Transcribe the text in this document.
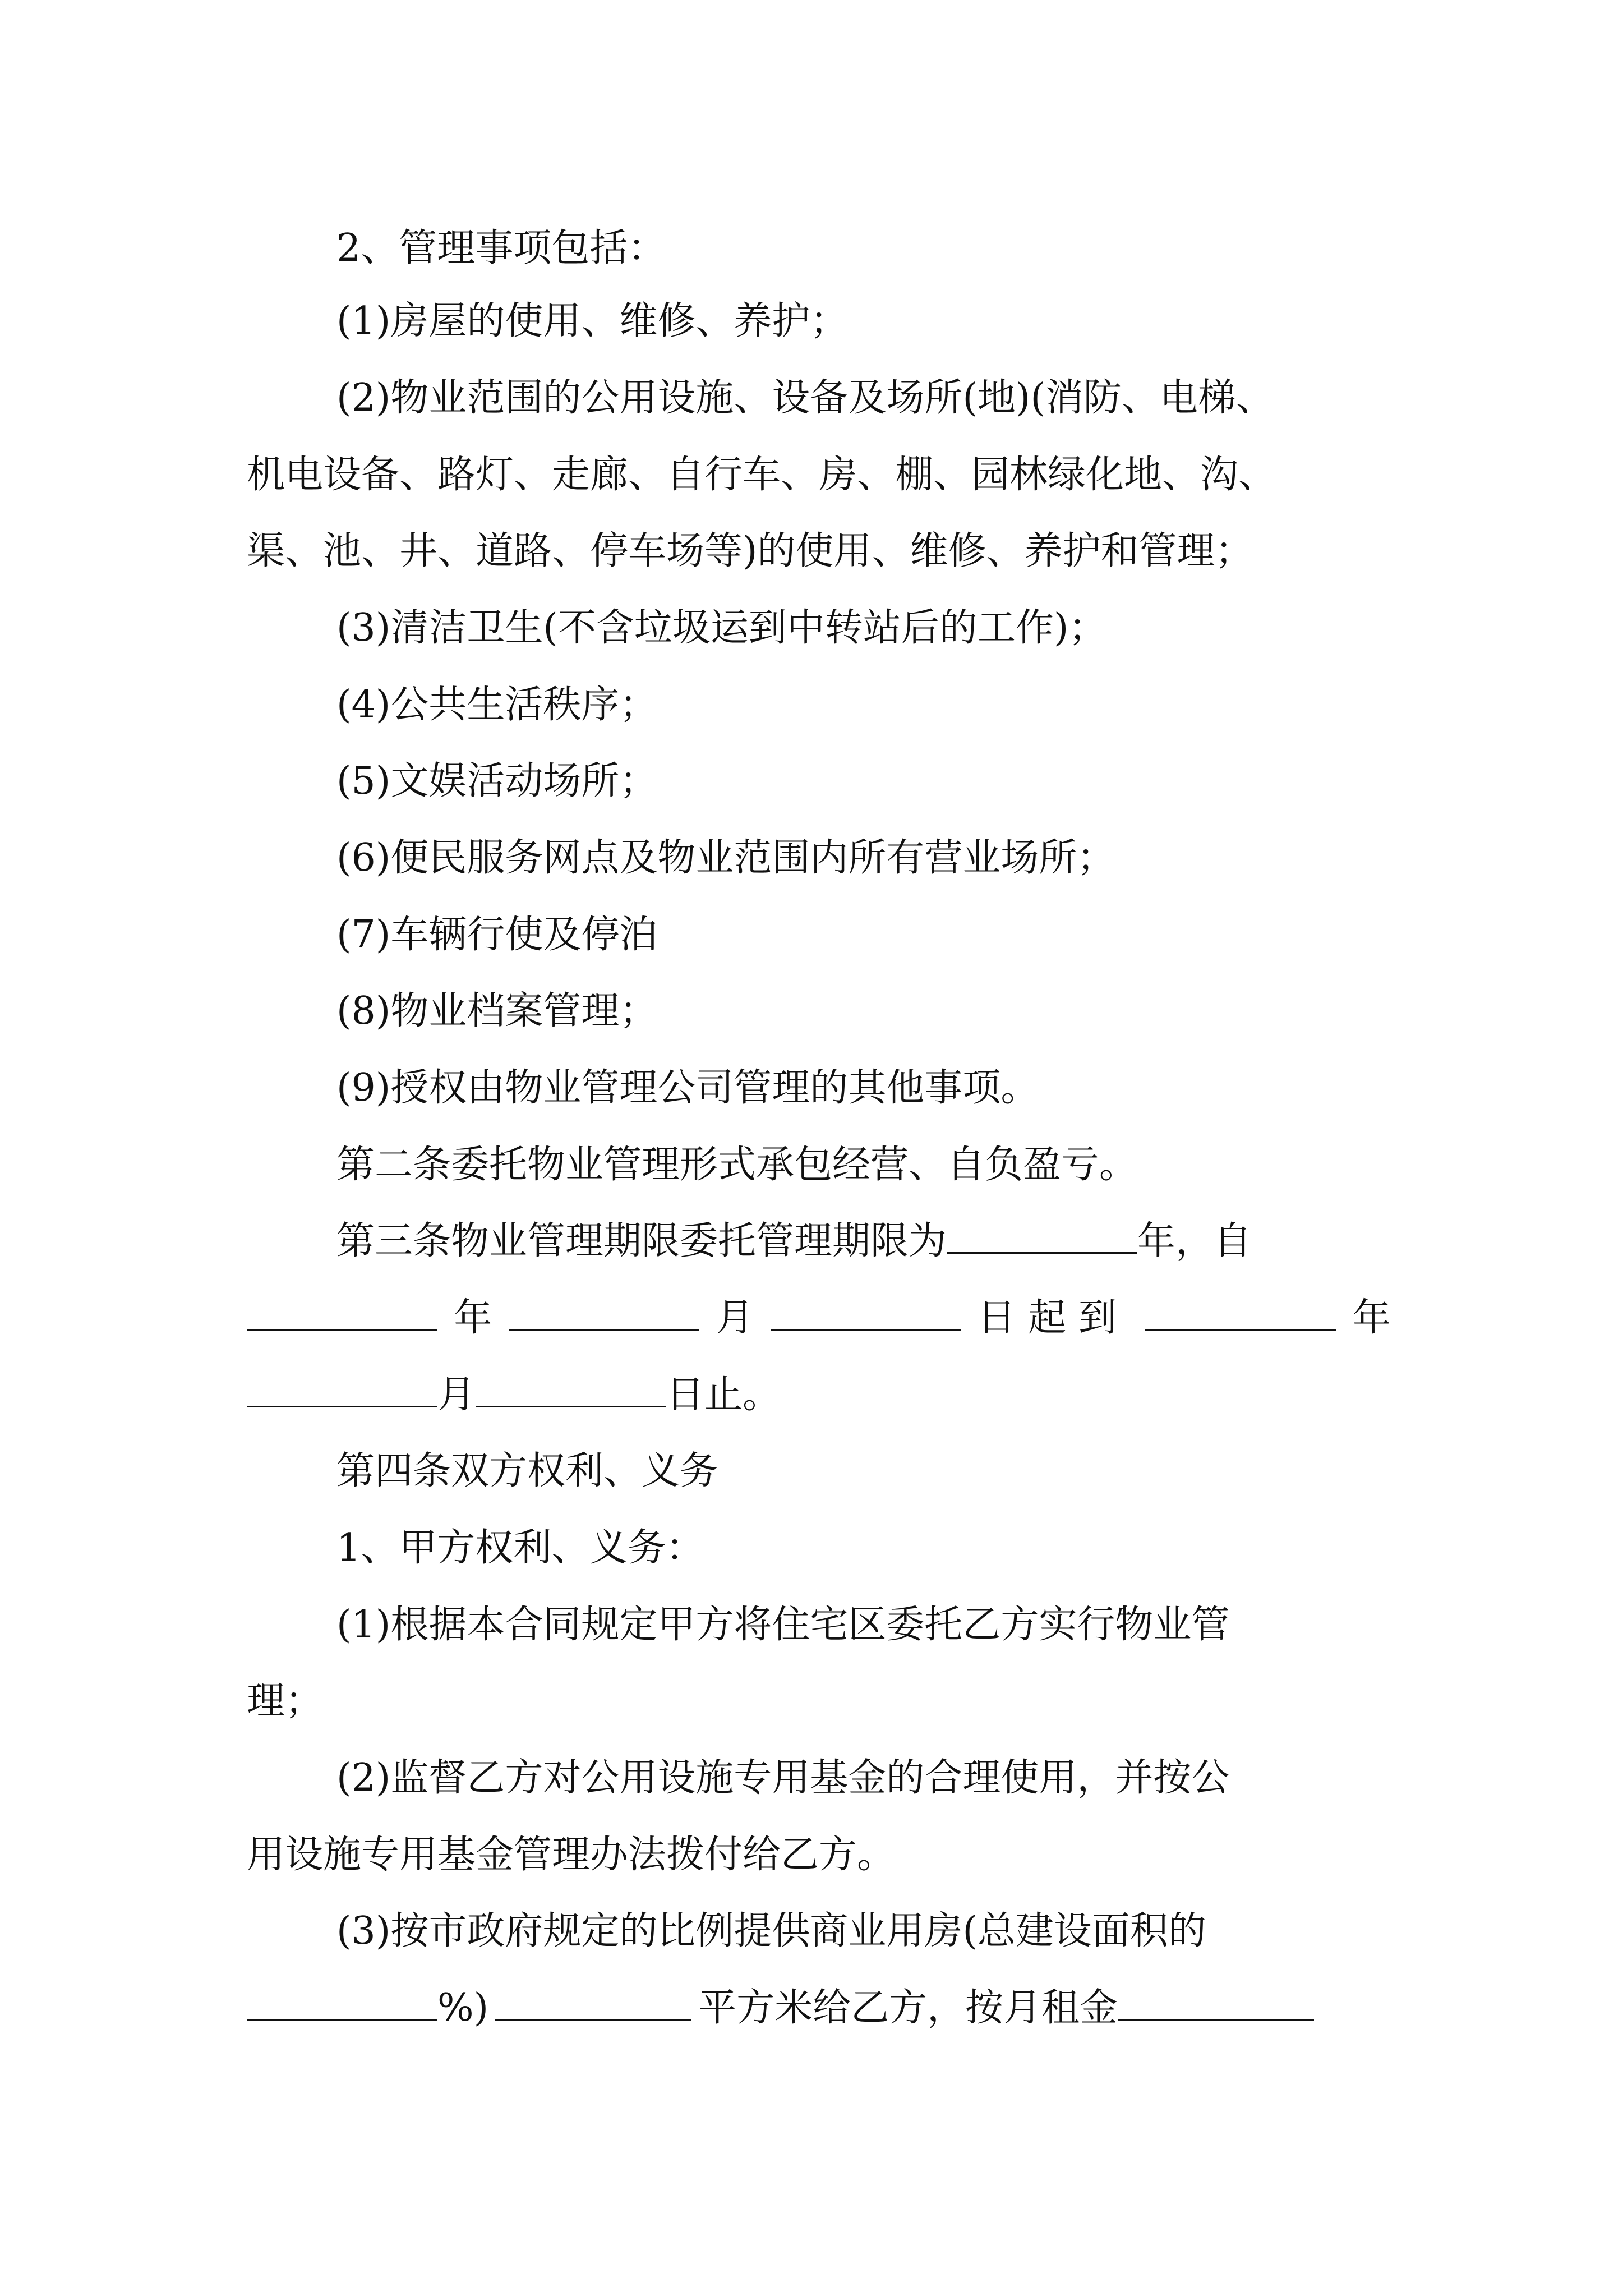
2、管理事项包括：
(1)房屋的使用、维修、养护；
(2)物业范围的公用设施、设备及场所(地)(消防、电梯、
机电设备、路灯、走廊、自行车、房、棚、园林绿化地、沟、
渠、池、井、道路、停车场等)的使用、维修、养护和管理；
(3)清洁卫生(不含垃圾运到中转站后的工作)；
(4)公共生活秩序；
(5)文娱活动场所；
(6)便民服务网点及物业范围内所有营业场所；
(7)车辆行使及停泊
(8)物业档案管理；
(9)授权由物业管理公司管理的其他事项。
第二条委托物业管理形式承包经营、自负盈亏。
第三条物业管理期限委托管理期限为	年，自
年	月	日起到	年
月	日止。
第四条双方权利、义务
1、甲方权利、义务：
(1)根据本合同规定甲方将住宅区委托乙方实行物业管
理；
(2)监督乙方对公用设施专用基金的合理使用，并按公
用设施专用基金管理办法拨付给乙方。
(3)按市政府规定的比例提供商业用房(总建设面积的
%)	平方米给乙方，按月租金
